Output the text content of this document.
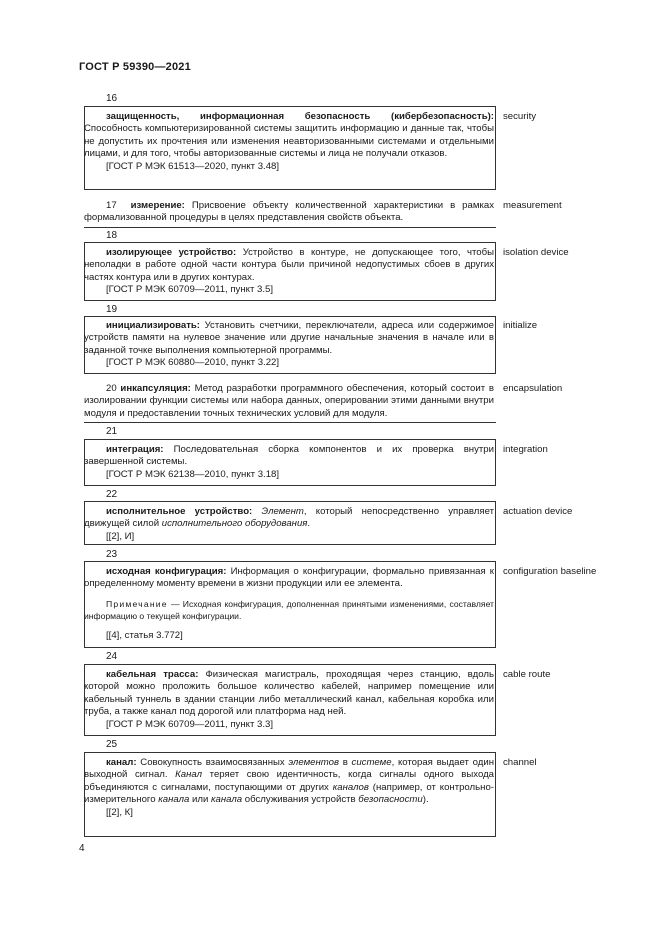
ГОСТ Р 59390—2021
16
защищенность, информационная безопасность (кибербезопасность): Способность компьютеризированной системы защитить информацию и данные так, чтобы не допустить их прочтения или изменения неавторизованными системами и отдельными лицами, и для того, чтобы авторизованные системы и лица не получали отказов.
[ГОСТ Р МЭК 61513—2020, пункт 3.48]
security
17 измерение: Присвоение объекту количественной характеристики в рамках формализованной процедуры в целях представления свойств объекта.
measurement
18
изолирующее устройство: Устройство в контуре, не допускающее того, чтобы неполадки в работе одной части контура были причиной недопустимых сбоев в других частях контура или в других контурах.
[ГОСТ Р МЭК 60709—2011, пункт 3.5]
isolation device
19
инициализировать: Установить счетчики, переключатели, адреса или содержимое устройств памяти на нулевое значение или другие начальные значения в начале или в заданной точке выполнения компьютерной программы.
[ГОСТ Р МЭК 60880—2010, пункт 3.22]
initialize
20 инкапсуляция: Метод разработки программного обеспечения, который состоит в изолировании функции системы или набора данных, оперировании этими данными внутри модуля и предоставлении точных технических условий для модуля.
encapsulation
21
интеграция: Последовательная сборка компонентов и их проверка внутри завершенной системы.
[ГОСТ Р МЭК 62138—2010, пункт 3.18]
integration
22
исполнительное устройство: Элемент, который непосредственно управляет движущей силой исполнительного оборудования.
[[2], И]
actuation device
23
исходная конфигурация: Информация о конфигурации, формально привязанная к определенному моменту времени в жизни продукции или ее элемента.
Примечание — Исходная конфигурация, дополненная принятыми изменениями, составляет информацию о текущей конфигурации.
[[4], статья 3.772]
configuration baseline
24
кабельная трасса: Физическая магистраль, проходящая через станцию, вдоль которой можно проложить большое количество кабелей, например помещение или кабельный туннель в здании станции либо металлический канал, кабельная коробка или труба, а также канал под дорогой или платформа над ней.
[ГОСТ Р МЭК 60709—2011, пункт 3.3]
cable route
25
канал: Совокупность взаимосвязанных элементов в системе, которая выдает один выходной сигнал. Канал теряет свою идентичность, когда сигналы одного выхода объединяются с сигналами, поступающими от других каналов (например, от контрольно-измерительного канала или канала обслуживания устройств безопасности).
[[2], К]
channel
4
